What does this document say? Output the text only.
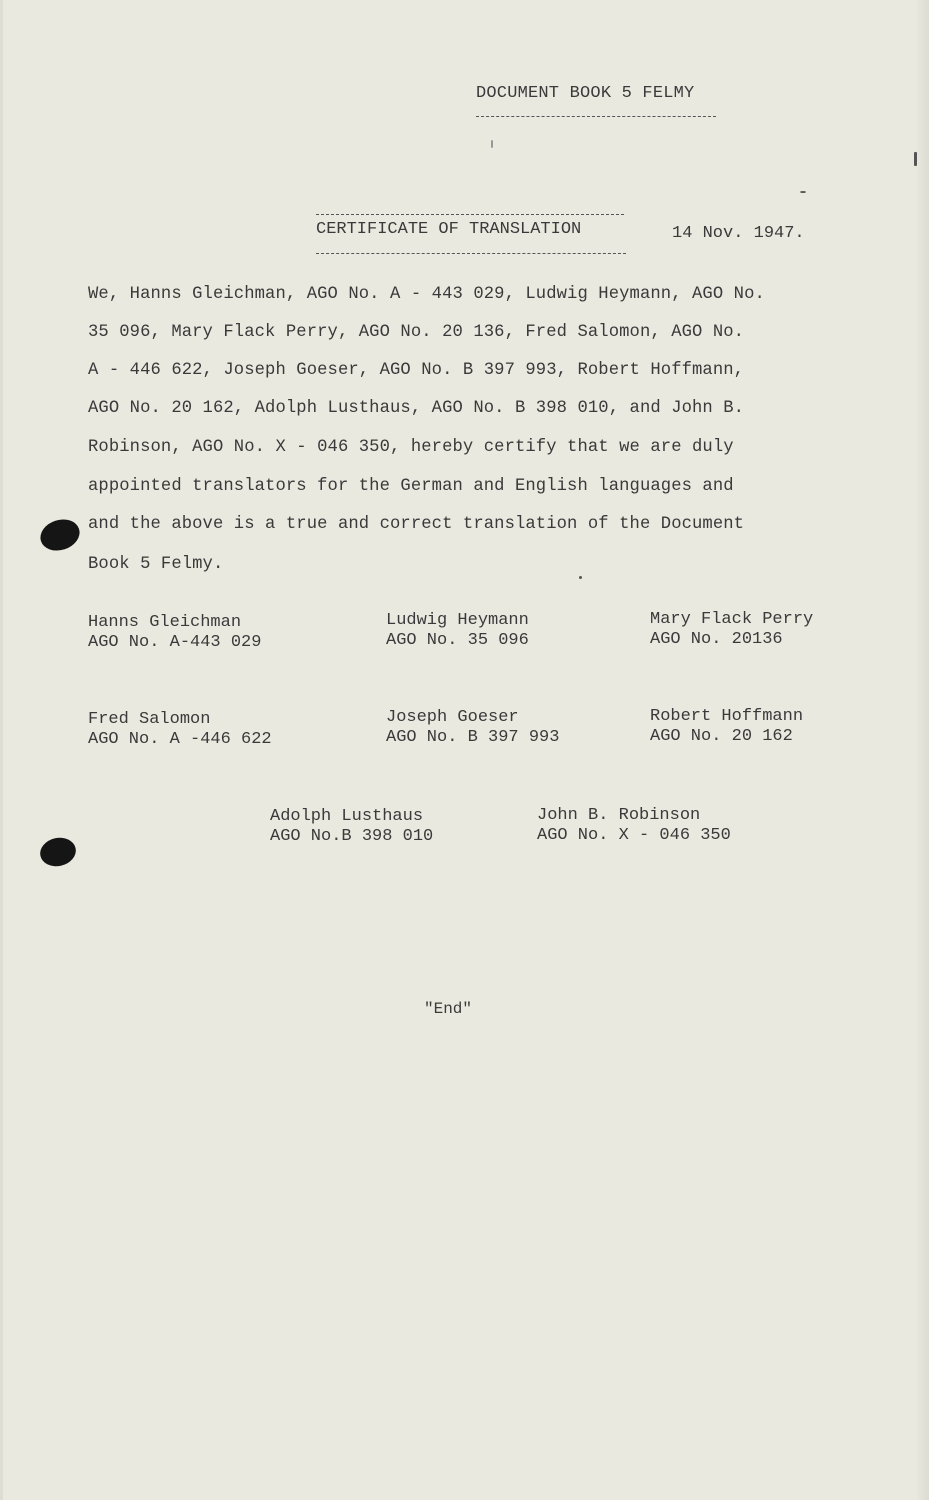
DOCUMENT BOOK 5 FELMY
CERTIFICATE OF TRANSLATION	14 Nov. 1947.
We, Hanns Gleichman, AGO No. A - 443 029, Ludwig Heymann, AGO No.
35 096, Mary Flack Perry, AGO No. 20 136, Fred Salomon, AGO No.
A - 446 622, Joseph Goeser, AGO No. B 397 993, Robert Hoffmann,
AGO No. 20 162, Adolph Lusthaus, AGO No. B 398 010, and John B.
Robinson, AGO No. X - 046 350, hereby certify that we are duly
appointed translators for the German and English languages and
and the above is a true and correct translation of the Document
Book 5 Felmy.
Hanns Gleichman
AGO No. A-443 029
Ludwig Heymann
AGO No. 35 096
Mary Flack Perry
AGO No. 20136
Fred Salomon
AGO No. A -446 622
Joseph Goeser
AGO No. B 397 993
Robert Hoffmann
AGO No. 20 162
Adolph Lusthaus
AGO No.B 398 010
John B. Robinson
AGO No. X - 046 350
"End"
